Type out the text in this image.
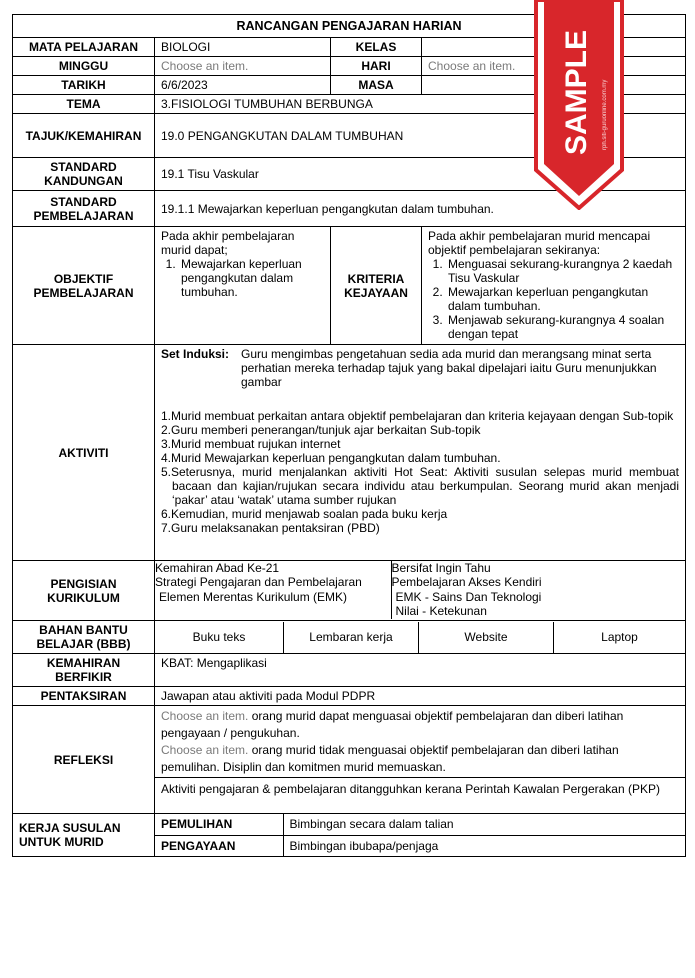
RANCANGAN PENGAJARAN HARIAN
MATA PELAJARAN	BIOLOGI	KELAS	
MINGGU	Choose an item.	HARI	Choose an item.
TARIKH	6/6/2023	MASA	
TEMA	3.FISIOLOGI TUMBUHAN BERBUNGA
TAJUK/KEMAHIRAN	19.0 PENGANGKUTAN DALAM TUMBUHAN
STANDARD
KANDUNGAN	19.1 Tisu Vaskular
STANDARD
PEMBELAJARAN	19.1.1 Mewajarkan keperluan pengangkutan dalam tumbuhan.
OBJEKTIF
PEMBELAJARAN	
Pada akhir pembelajaran murid dapat;
1. Mewajarkan keperluan pengangkutan dalam tumbuhan.
	KRITERIA
KEJAYAAN	
Pada akhir pembelajaran murid mencapai objektif pembelajaran sekiranya:
1. Menguasai sekurang-kurangnya 2 kaedah Tisu Vaskular
2. Mewajarkan keperluan pengangkutan dalam tumbuhan.
3. Menjawab sekurang-kurangnya 4 soalan dengan tepat

AKTIVITI	
Set Induksi:	Guru mengimbas pengetahuan sedia ada murid dan merangsang minat serta perhatian mereka terhadap tajuk yang bakal dipelajari iaitu Guru menunjukkan gambar

1.Murid membuat perkaitan antara objektif pembelajaran dan kriteria kejayaan dengan Sub-topik

2.Guru memberi penerangan/tunjuk ajar berkaitan Sub-topik

3.Murid membuat rujukan internet

4.Murid Mewajarkan keperluan pengangkutan dalam tumbuhan.

5.Seterusnya, murid menjalankan aktiviti Hot Seat: Aktiviti susulan selepas murid membuat bacaan dan kajian/rujukan secara individu atau berkumpulan. Seorang murid akan menjadi ‘pakar’ atau ‘watak’ utama sumber rujukan

6.Kemudian, murid menjawab soalan pada buku kerja

7.Guru melaksanakan pentaksiran (PBD)

PENGISIAN
KURIKULUM	
Kemahiran Abad Ke-21	Bersifat Ingin Tahu
Strategi Pengajaran dan Pembelajaran	Pembelajaran Akses Kendiri
Elemen Merentas Kurikulum (EMK)	EMK - Sains Dan Teknologi
Nilai - Ketekunan

BAHAN BANTU
BELAJAR (BBB)		Buku teks	Lembaran kerja	Website	Laptop

KEMAHIRAN
BERFIKIR	KBAT: Mengaplikasi
PENTAKSIRAN	Jawapan atau aktiviti pada Modul PDPR
REFLEKSI	
Choose an item. orang murid dapat menguasai objektif pembelajaran dan diberi latihan pengayaan / pengukuhan.
Choose an item. orang murid tidak menguasai objektif pembelajaran dan diberi latihan pemulihan. Disiplin dan komitmen murid memuaskan.
Aktiviti pengajaran & pembelajaran ditangguhkan kerana Perintah Kawalan Pergerakan (PKP)

KERJA SUSULAN
UNTUK MURID	
PEMULIHAN	Bimbingan secara dalam talian
PENGAYAAN	Bimbingan ibubapa/penjaga
SAMPLE rph.siti-guruonline.com.my
